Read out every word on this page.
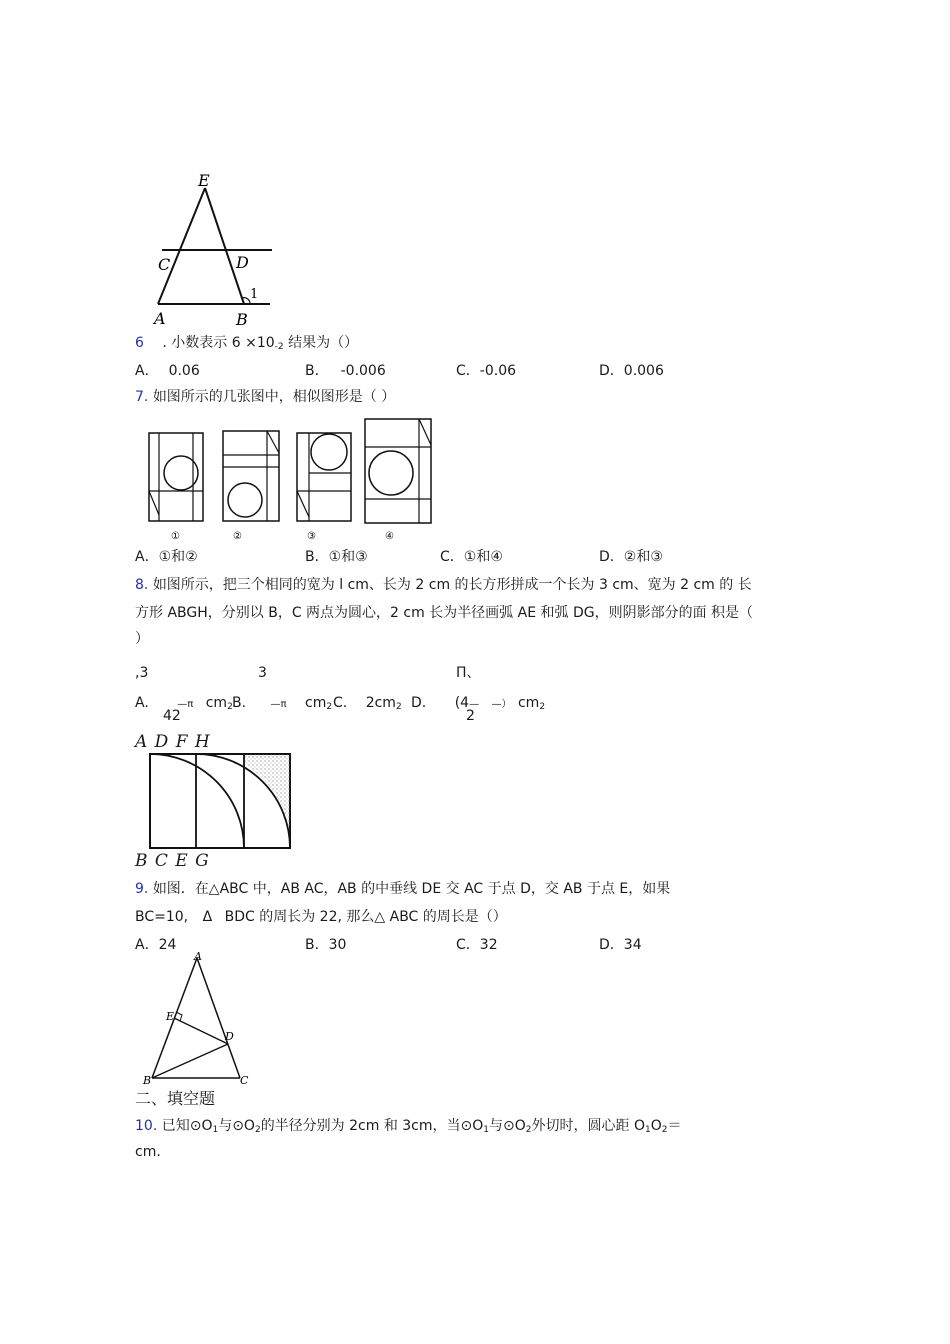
E
C	D
A	B
1
6 . 小数表示 $6 \times 10_{-2}$ 结果为（）
A． 0.06	B． -0.006	C．-0.06	D．0.006
7. 如图所示的几张图中，相似图形是（ ）
①	②	③	④
A．①和②	B．①和③	C．①和④	D．②和③
8. 如图所示，把三个相同的宽为 l cm、长为 2 cm 的长方形拼成一个长为 3 cm、宽为 2 cm 的 长
方形 ABGH，分别以 B，C 两点为圆心，2 cm 长为半径画弧 AE 和弧 DG，则阴影部分的面 积是（
）
,3	3	Π、
A.	—π $cm_2$ B. —π $cm_2$ C. $2cm_2$ D. (4— —） $cm_2$
42	2
A D F H
B C E G
9. 如图．在△ABC 中，AB AC，AB 的中垂线 DE 交 AC 于点 D，交 AB 于点 E，如果
BC=10, Δ BDC 的周长为 22, 那么△ ABC 的周长是（）
A．24	B．30	C．32	D．34
A
E
D
B	C
二、填空题
10. 已知$⊙O_1$与$⊙O_2$的半径分别为 2cm 和 3cm，当$⊙O_1$与$⊙O_2$外切时，圆心距 $O_1O_2=$
cm.
